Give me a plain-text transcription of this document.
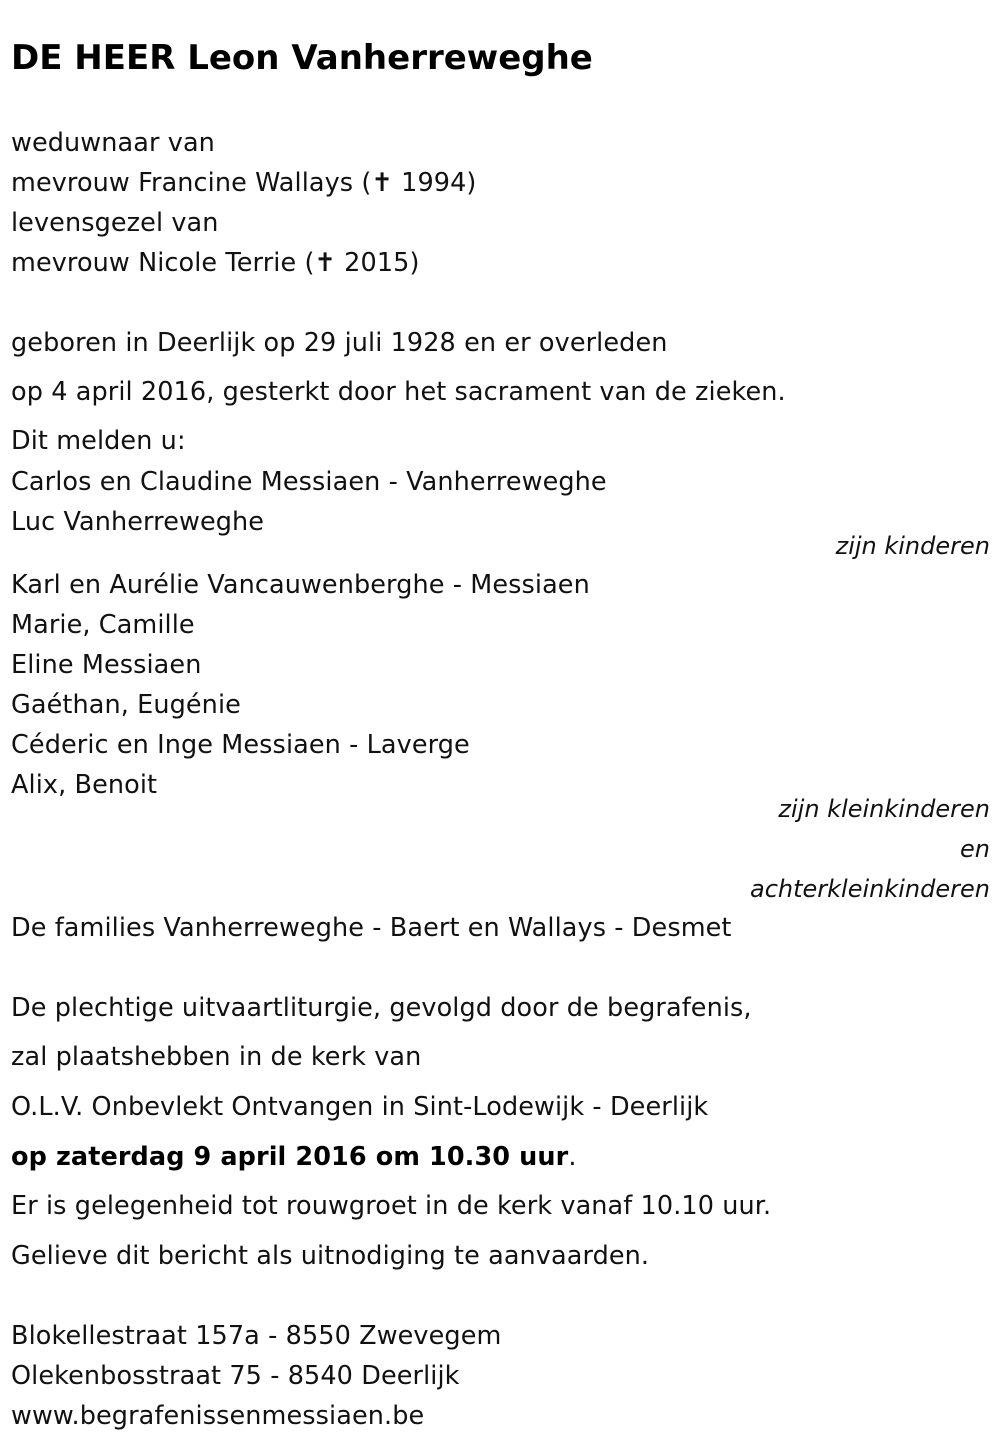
DE HEER Leon Vanherreweghe
weduwnaar van
mevrouw Francine Wallays (✝ 1994)
levensgezel van
mevrouw Nicole Terrie (✝ 2015)
geboren in Deerlijk op 29 juli 1928 en er overleden
op 4 april 2016, gesterkt door het sacrament van de zieken.
Dit melden u:
Carlos en Claudine Messiaen - Vanherreweghe
Luc Vanherreweghe
zijn kinderen
Karl en Aurélie Vancauwenberghe - Messiaen
Marie, Camille
Eline Messiaen
Gaéthan, Eugénie
Céderic en Inge Messiaen - Laverge
Alix, Benoit
zijn kleinkinderen
en
achterkleinkinderen
De families Vanherreweghe - Baert en Wallays - Desmet
De plechtige uitvaartliturgie, gevolgd door de begrafenis,
zal plaatshebben in de kerk van
O.L.V. Onbevlekt Ontvangen in Sint-Lodewijk - Deerlijk
op zaterdag 9 april 2016 om 10.30 uur.
Er is gelegenheid tot rouwgroet in de kerk vanaf 10.10 uur.
Gelieve dit bericht als uitnodiging te aanvaarden.
Blokellestraat 157a - 8550 Zwevegem
Olekenbosstraat 75 - 8540 Deerlijk
www.begrafenissenmessiaen.be
